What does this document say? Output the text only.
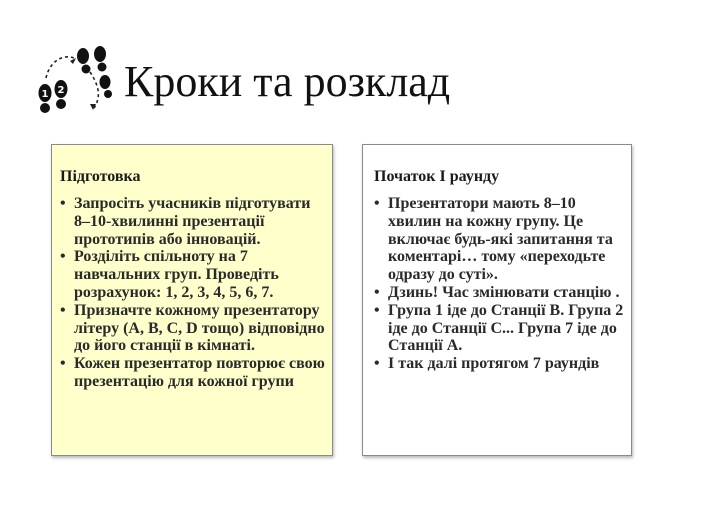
1 2 Кроки та розклад
Підготовка
• Запросіть учасників підготувати 8–10-хвилинні презентації прототипів або інновацій.
• Розділіть спільноту на 7 навчальних груп. Проведіть розрахунок: 1, 2, 3, 4, 5, 6, 7.
• Призначте кожному презентатору літеру (A, B, C, D тощо) відповідно до його станції в кімнаті.
• Кожен презентатор повторює свою презентацію для кожної групи
Початок І раунду
• Презентатори мають 8–10 хвилин на кожну групу. Це включає будь-які запитання та коментарі… тому «переходьте одразу до суті».
• Дзинь! Час змінювати станцію .
• Група 1 іде до Станції B. Група 2 іде до Станції C... Група 7 іде до Станції A.
• І так далі протягом 7 раундів
